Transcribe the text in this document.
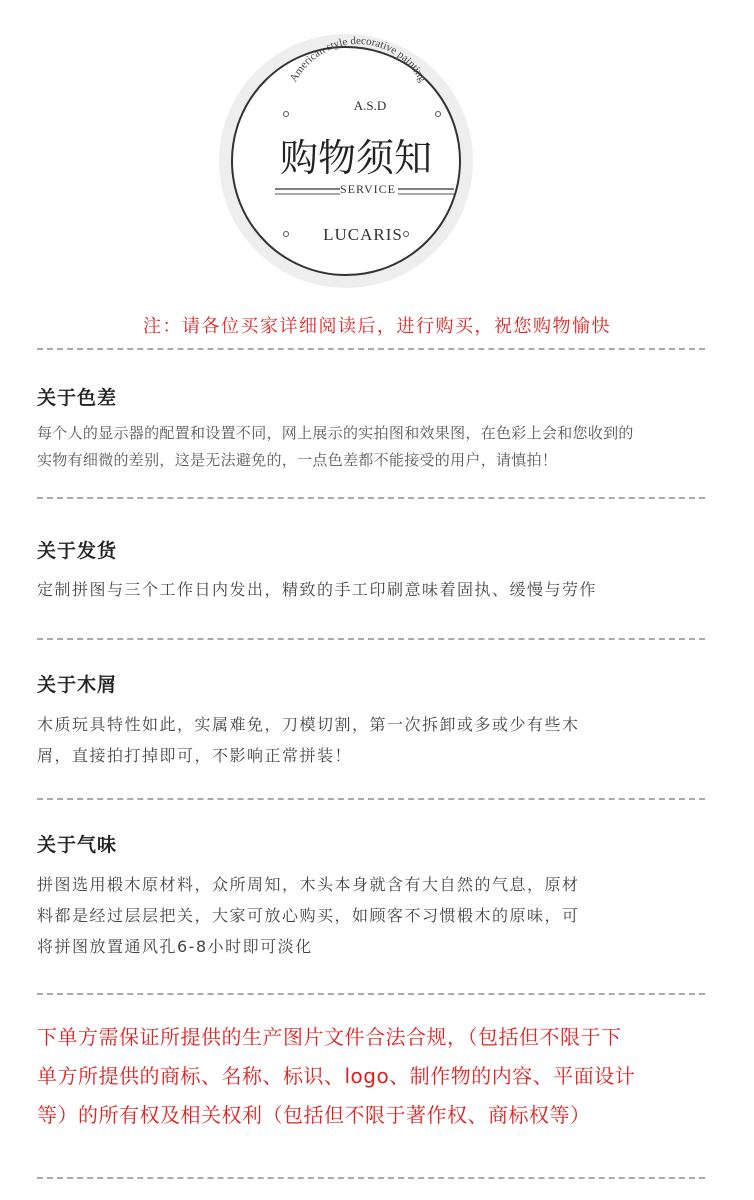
American style decorative painting
A.S.D
购物须知
SERVICE
LUCARIS

注：请各位买家详细阅读后，进行购买，祝您购物愉快

关于色差

每个人的显示器的配置和设置不同，网上展示的实拍图和效果图，在色彩上会和您收到的
实物有细微的差别，这是无法避免的，一点色差都不能接受的用户，请慎拍！

关于发货

定制拼图与三个工作日内发出，精致的手工印刷意味着固执、缓慢与劳作

关于木屑

木质玩具特性如此，实属难免，刀模切割，第一次拆卸或多或少有些木
屑，直接拍打掉即可，不影响正常拼装！

关于气味

拼图选用椴木原材料，众所周知，木头本身就含有大自然的气息，原材
料都是经过层层把关，大家可放心购买，如顾客不习惯椴木的原味，可
将拼图放置通风孔6-8小时即可淡化

下单方需保证所提供的生产图片文件合法合规，（包括但不限于下
单方所提供的商标、名称、标识、logo、制作物的内容、平面设计
等）的所有权及相关权利（包括但不限于著作权、商标权等）
